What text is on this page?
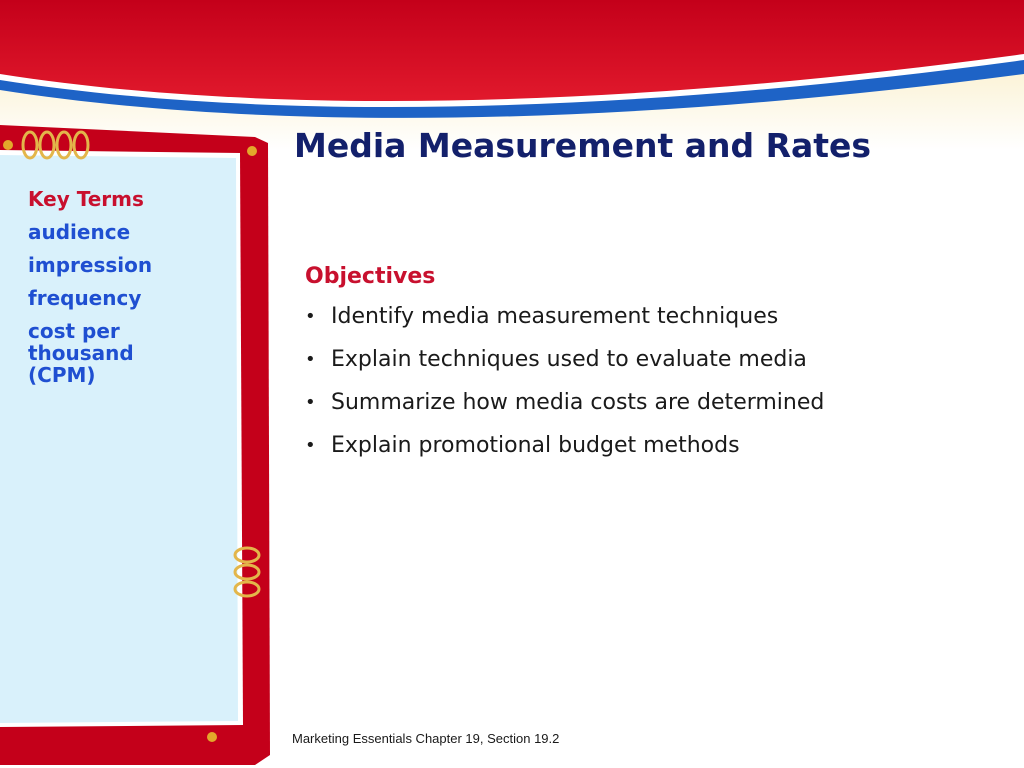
Media Measurement and Rates
Key Terms
audience
impression
frequency
cost per
thousand
(CPM)
Objectives
• Identify media measurement techniques
• Explain techniques used to evaluate media
• Summarize how media costs are determined
• Explain promotional budget methods
Marketing Essentials Chapter 19, Section 19.2
